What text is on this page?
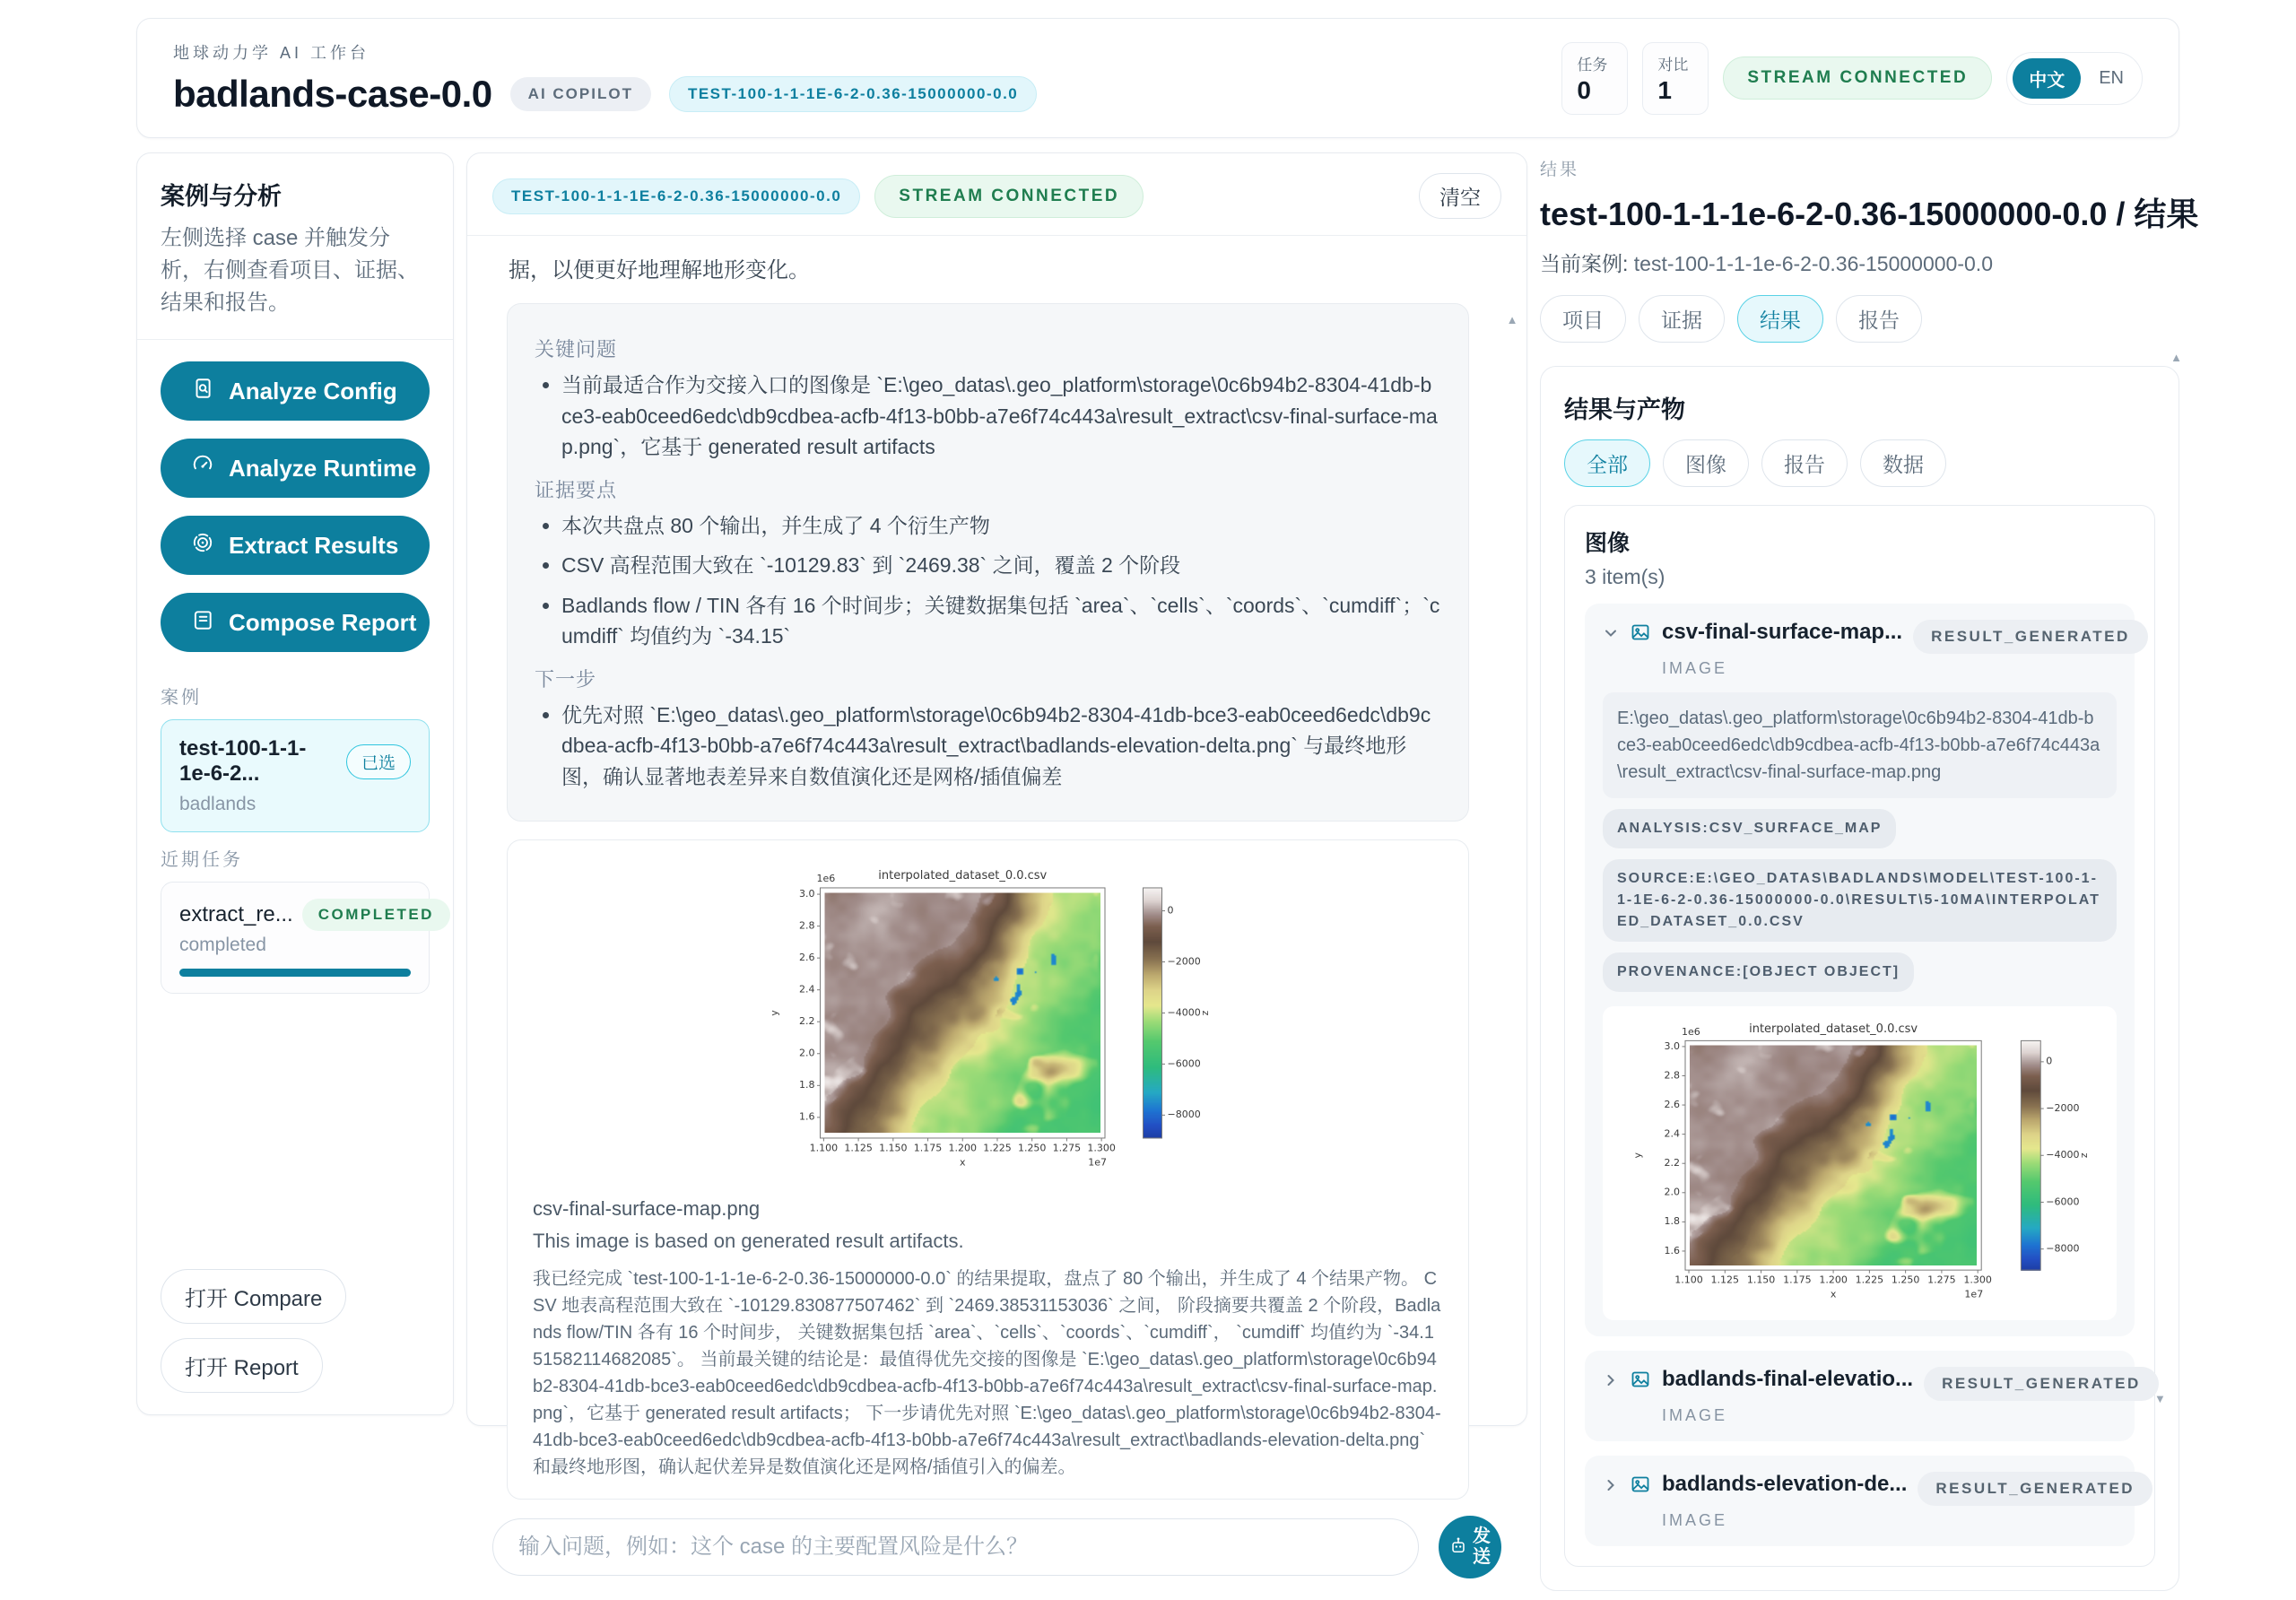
地球动力学 AI 工作台
badlands-case-0.0	AI COPILOT	TEST-100-1-1-1E-6-2-0.36-15000000-0.0
任务
0
对比
1	STREAM CONNECTED	中文	EN
案例与分析
左侧选择 case 并触发分析，右侧查看项目、证据、结果和报告。
Analyze Config
Analyze Runtime
Extract Results
Compose Report
案例
test-100-1-1-1e-6-2...	已选
badlands
近期任务
extract_re...	COMPLETED
completed
打开 Compare
打开 Report
TEST-100-1-1-1E-6-2-0.36-15000000-0.0	STREAM CONNECTED	清空
据，以便更好地理解地形变化。
关键问题
• 当前最适合作为交接入口的图像是 `E:\geo_datas\.geo_platform\storage\0c6b94b2-8304-41db-bce3-eab0ceed6edc\db9cdbea-acfb-4f13-b0bb-a7e6f74c443a\result_extract\csv-final-surface-map.png`，它基于 generated result artifacts
证据要点
• 本次共盘点 80 个输出，并生成了 4 个衍生产物
• CSV 高程范围大致在 `-10129.83` 到 `2469.38` 之间，覆盖 2 个阶段
• Badlands flow / TIN 各有 16 个时间步；关键数据集包括 `area`、`cells`、`coords`、`cumdiff`；`cumdiff` 均值约为 `-34.15`
下一步
• 优先对照 `E:\geo_datas\.geo_platform\storage\0c6b94b2-8304-41db-bce3-eab0ceed6edc\db9cdbea-acfb-4f13-b0bb-a7e6f74c443a\result_extract\badlands-elevation-delta.png` 与最终地形图，确认显著地表差异来自数值演化还是网格/插值偏差
csv-final-surface-map.png
This image is based on generated result artifacts.
我已经完成 `test-100-1-1-1e-6-2-0.36-15000000-0.0` 的结果提取，盘点了 80 个输出，并生成了 4 个结果产物。 CSV 地表高程范围大致在 `-10129.830877507462` 到 `2469.38531153036` 之间， 阶段摘要共覆盖 2 个阶段，Badlands flow/TIN 各有 16 个时间步， 关键数据集包括 `area`、`cells`、`coords`、`cumdiff`， `cumdiff` 均值约为 `-34.151582114682085`。 当前最关键的结论是：最值得优先交接的图像是 `E:\geo_datas\.geo_platform\storage\0c6b94b2-8304-41db-bce3-eab0ceed6edc\db9cdbea-acfb-4f13-b0bb-a7e6f74c443a\result_extract\csv-final-surface-map.png`，它基于 generated result artifacts； 下一步请优先对照 `E:\geo_datas\.geo_platform\storage\0c6b94b2-8304-41db-bce3-eab0ceed6edc\db9cdbea-acfb-4f13-b0bb-a7e6f74c443a\result_extract\badlands-elevation-delta.png` 和最终地形图，确认起伏差异是数值演化还是网格/插值引入的偏差。
▲
输入问题，例如：这个 case 的主要配置风险是什么？
发送
结果
test-100-1-1-1e-6-2-0.36-15000000-0.0 / 结果
当前案例: test-100-1-1-1e-6-2-0.36-15000000-0.0
项目	证据	结果	报告
▲
结果与产物
全部	图像	报告	数据
图像
3 item(s)
csv-final-surface-map...	RESULT_GENERATED
IMAGE
E:\geo_datas\.geo_platform\storage\0c6b94b2-8304-41db-bce3-eab0ceed6edc\db9cdbea-acfb-4f13-b0bb-a7e6f74c443a\result_extract\csv-final-surface-map.png
ANALYSIS:CSV_SURFACE_MAP SOURCE:E:\GEO_DATAS\BADLANDS\MODEL\TEST-100-1-1-1E-6-2-0.36-15000000-0.0\RESULT\5-10MA\INTERPOLATED_DATASET_0.0.CSV PROVENANCE:[OBJECT OBJECT]
badlands-final-elevatio...	RESULT_GENERATED
IMAGE
badlands-elevation-de...	RESULT_GENERATED
IMAGE
▼
